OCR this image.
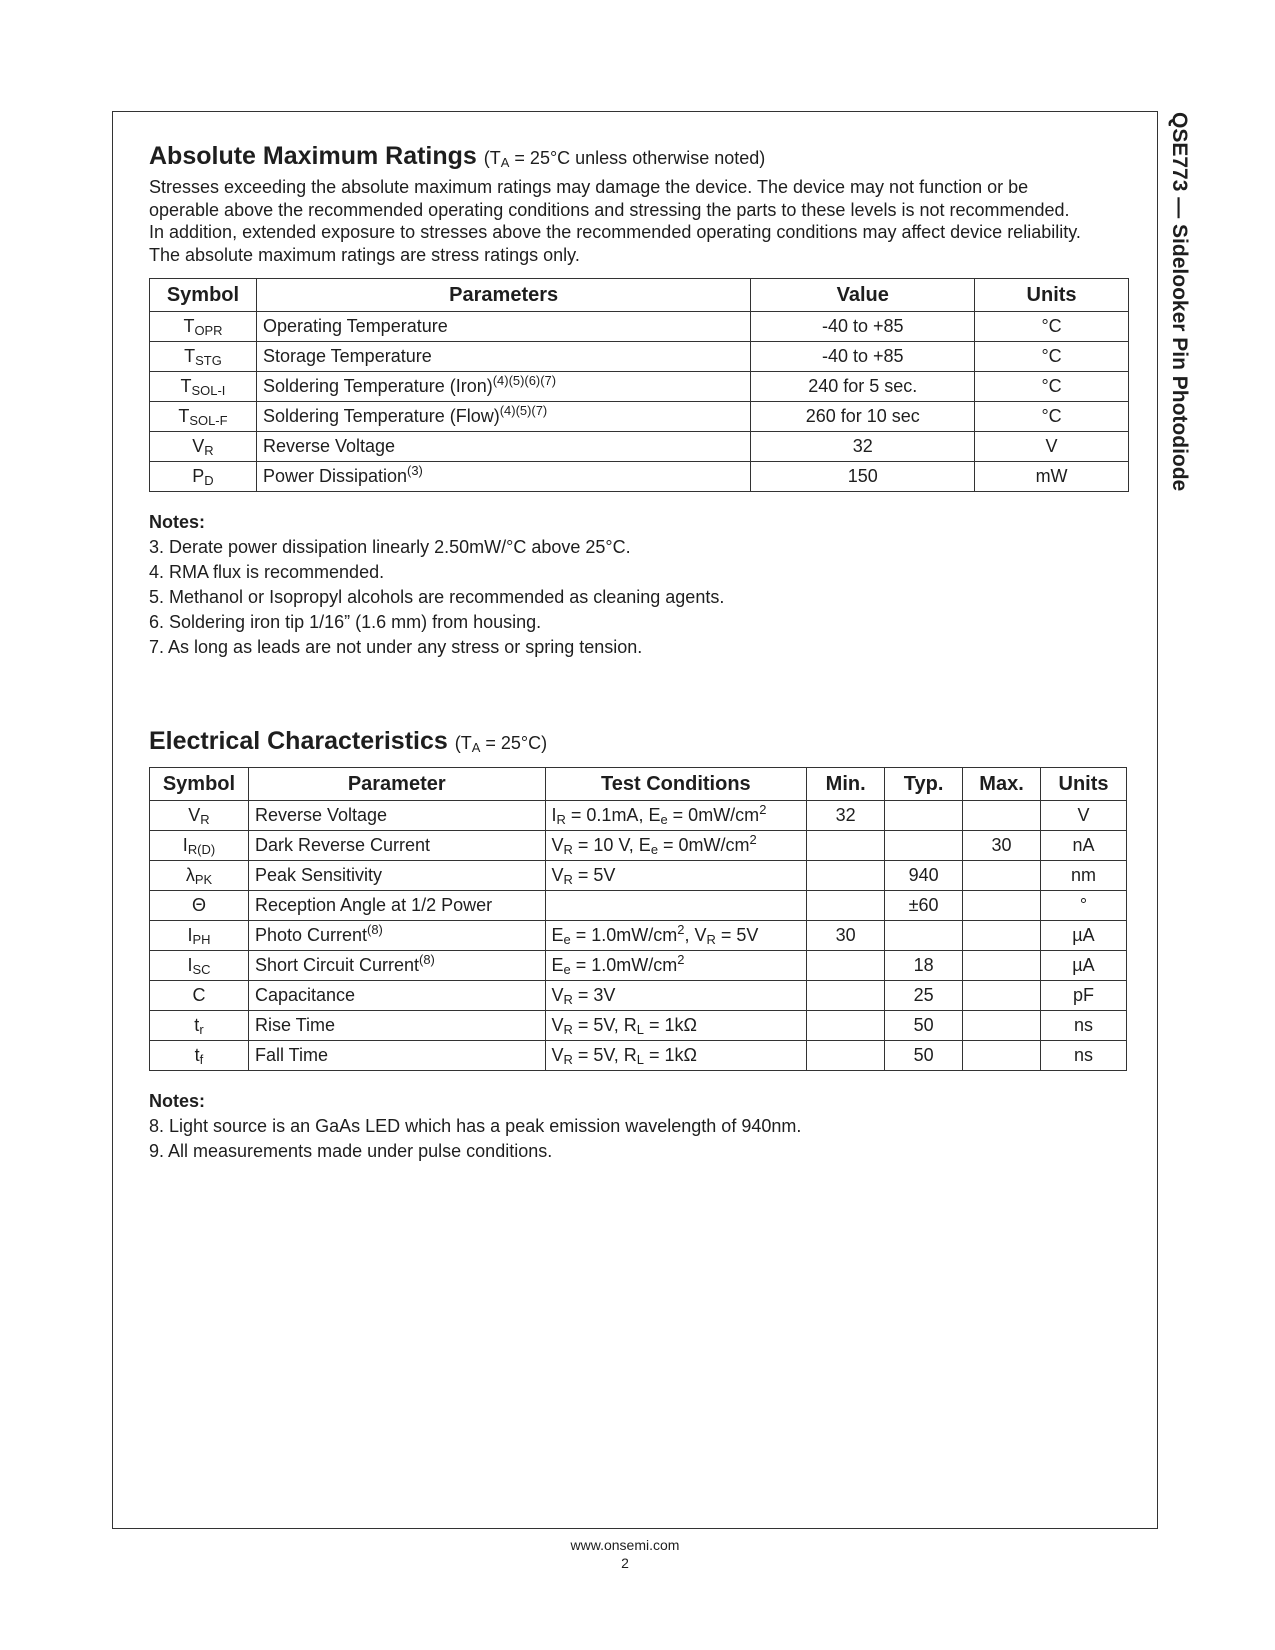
QSE773 — Sidelooker Pin Photodiode
Absolute Maximum Ratings ($T_A = 25^\circ C$ unless otherwise noted)
Stresses exceeding the absolute maximum ratings may damage the device. The device may not function or be
operable above the recommended operating conditions and stressing the parts to these levels is not recommended.
In addition, extended exposure to stresses above the recommended operating conditions may affect device reliability.
The absolute maximum ratings are stress ratings only.
Symbol	Parameters	Value	Units
$T_{OPR}$	Operating Temperature	-40 to +85	°C
$T_{STG}$	Storage Temperature	-40 to +85	°C
$T_{SOL-I}$	Soldering Temperature (Iron)$^{(4)(5)(6)(7)}$	240 for 5 sec.	°C
$T_{SOL-F}$	Soldering Temperature (Flow)$^{(4)(5)(7)}$	260 for 10 sec	°C
$V_R$	Reverse Voltage	32	V
$P_D$	Power Dissipation$^{(3)}$	150	mW
Notes:
3. Derate power dissipation linearly 2.50mW/°C above 25°C.
4. RMA flux is recommended.
5. Methanol or Isopropyl alcohols are recommended as cleaning agents.
6. Soldering iron tip 1/16” (1.6 mm) from housing.
7. As long as leads are not under any stress or spring tension.
Electrical Characteristics $(T_A = 25^\circ C)$
Symbol	Parameter	Test Conditions	Min.	Typ.	Max.	Units
$V_R$	Reverse Voltage	$I_R = 0.1mA$, $E_e = 0mW/cm^2$	32			V
$I_{R(D)}$	Dark Reverse Current	$V_R = 10$ V, $E_e = 0mW/cm^2$			30	nA
$\lambda_{PK}$	Peak Sensitivity	$V_R = 5V$		940		nm
Θ	Reception Angle at 1/2 Power			±60		°
$I_{PH}$	Photo Current$^{(8)}$	$E_e = 1.0mW/cm^2$, $V_R = 5V$	30			µA
$I_{SC}$	Short Circuit Current$^{(8)}$	$E_e = 1.0mW/cm^2$		18		µA
C	Capacitance	$V_R = 3V$		25		pF
$t_r$	Rise Time	$V_R = 5V$, $R_L = 1k\Omega$		50		ns
$t_f$	Fall Time	$V_R = 5V$, $R_L = 1k\Omega$		50		ns
Notes:
8. Light source is an GaAs LED which has a peak emission wavelength of 940nm.
9. All measurements made under pulse conditions.
www.onsemi.com
2
